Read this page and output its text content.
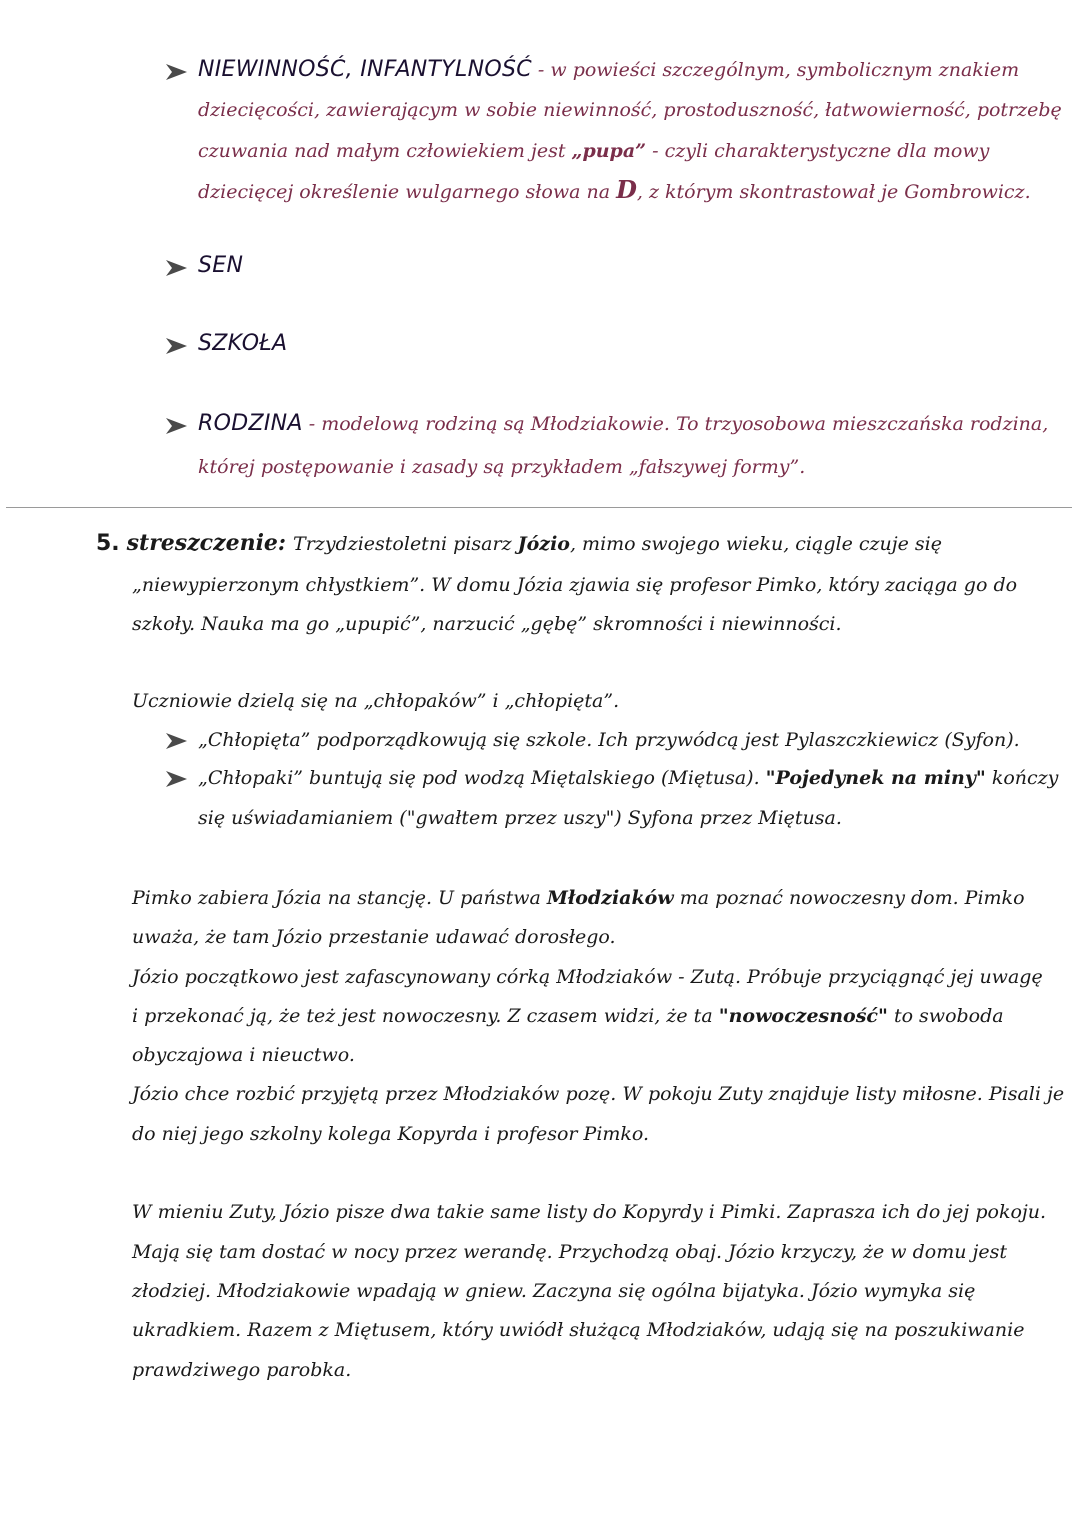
NIEWINNOŚĆ, INFANTYLNOŚĆ - w powieści szczególnym, symbolicznym znakiem
dziecięcości, zawierającym w sobie niewinność, prostoduszność, łatwowierność, potrzebę
czuwania nad małym człowiekiem jest „pupa” - czyli charakterystyczne dla mowy
dziecięcej określenie wulgarnego słowa na D, z którym skontrastował je Gombrowicz.
SEN
SZKOŁA
RODZINA - modelową rodziną są Młodziakowie. To trzyosobowa mieszczańska rodzina,
której postępowanie i zasady są przykładem „fałszywej formy”.
5. streszczenie: Trzydziestoletni pisarz Józio, mimo swojego wieku, ciągle czuje się
„niewypierzonym chłystkiem”. W domu Józia zjawia się profesor Pimko, który zaciąga go do
szkoły. Nauka ma go „upupić”, narzucić „gębę” skromności i niewinności.
Uczniowie dzielą się na „chłopaków” i „chłopięta”.
„Chłopięta” podporządkowują się szkole. Ich przywódcą jest Pylaszczkiewicz (Syfon).
„Chłopaki” buntują się pod wodzą Miętalskiego (Miętusa). "Pojedynek na miny" kończy
się uświadamianiem ("gwałtem przez uszy") Syfona przez Miętusa.
Pimko zabiera Józia na stancję. U państwa Młodziaków ma poznać nowoczesny dom. Pimko
uważa, że tam Józio przestanie udawać dorosłego.
Józio początkowo jest zafascynowany córką Młodziaków - Zutą. Próbuje przyciągnąć jej uwagę
i przekonać ją, że też jest nowoczesny. Z czasem widzi, że ta "nowoczesność" to swoboda
obyczajowa i nieuctwo.
Józio chce rozbić przyjętą przez Młodziaków pozę. W pokoju Zuty znajduje listy miłosne. Pisali je
do niej jego szkolny kolega Kopyrda i profesor Pimko.
W mieniu Zuty, Józio pisze dwa takie same listy do Kopyrdy i Pimki. Zaprasza ich do jej pokoju.
Mają się tam dostać w nocy przez werandę. Przychodzą obaj. Józio krzyczy, że w domu jest
złodziej. Młodziakowie wpadają w gniew. Zaczyna się ogólna bijatyka. Józio wymyka się
ukradkiem. Razem z Miętusem, który uwiódł służącą Młodziaków, udają się na poszukiwanie
prawdziwego parobka.
